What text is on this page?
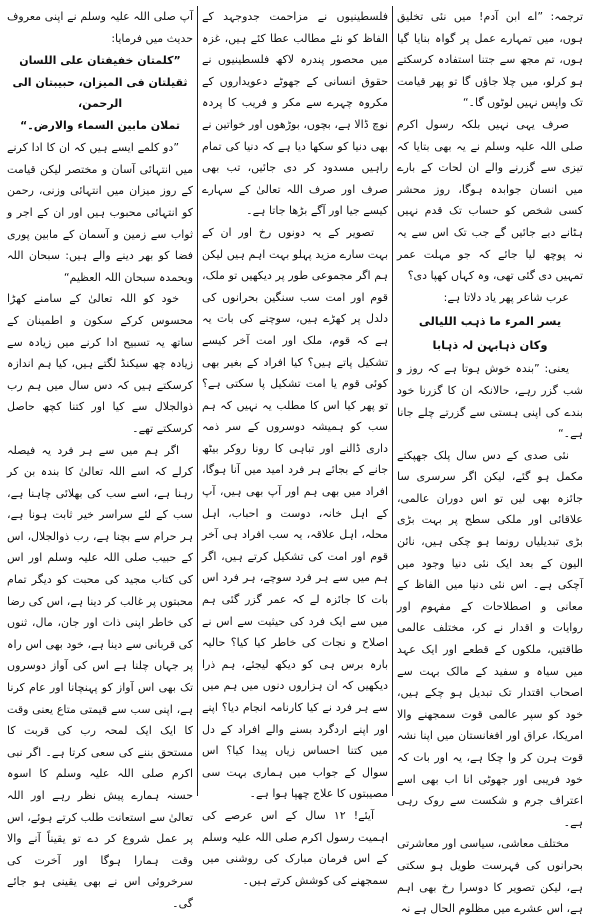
ترجمہ: ”اے ابن آدم! میں نئی تخلیق ہوں، میں تمہارے عمل پر گواہ بنایا گیا ہوں، تم مجھ سے جتنا استفادہ کرسکتے ہو کرلو، میں چلا جاؤں گا تو پھر قیامت تک واپس نہیں لوٹوں گا۔“

صرف یہی نہیں بلکہ رسول اکرم صلی اللہ علیہ وسلم نے یہ بھی بتایا کہ تیزی سے گزرنے والے ان لحات کے بارے میں انسان جوابدہ ہوگا، روز محشر کسی شخص کو حساب تک قدم نہیں ہٹانے دیے جائیں گے جب تک اس سے یہ نہ پوچھ لیا جائے کہ جو مہلت عمر تمہیں دی گئی تھی، وہ کہاں کھپا دی؟

عرب شاعر پھر یاد دلاتا ہے:

یسر المرء ما ذہب اللیالی
وکان ذہابہن لہ ذہابا

یعنی: ”بندہ خوش ہوتا ہے کہ روز و شب گزر رہے، حالانکہ ان کا گزرنا خود بندے کی اپنی ہستی سے گزرتے چلے جانا ہے۔“

نئی صدی کے دس سال پلک جھپکتے مکمل ہو گئے، لیکن اگر سرسری سا جائزہ بھی لیں تو اس دوران عالمی، علاقائی اور ملکی سطح پر بہت بڑی بڑی تبدیلیاں رونما ہو چکی ہیں، نائن الیون کے بعد ایک نئی دنیا وجود میں آچکی ہے۔ اس نئی دنیا میں الفاظ کے معانی و اصطلاحات کے مفہوم اور روایات و اقدار نے کر، مختلف عالمی طاقتیں، ملکوں کے قطعے اور ایک عہد میں سیاہ و سفید کے مالک بہت سے اصحاب اقتدار تک تبدیل ہو چکے ہیں، خود کو سپر عالمی قوت سمجھنے والا امریکا، عراق اور افغانستان میں اپنا نشہ قوت ہرن کر وا چکا ہے، یہ اور بات کہ خود فریبی اور جھوٹی انا اب بھی اسے اعتراف جرم و شکست سے روک رہی ہے۔

مختلف معاشی، سیاسی اور معاشرتی بحرانوں کی فہرست طویل ہو سکتی ہے، لیکن تصویر کا دوسرا رخ بھی اہم ہے، اس عشرے میں مظلوم الحال ہے نہ

فلسطینیوں نے مزاحمت جدوجہد کے الفاظ کو نئے مطالب عطا کئے ہیں، غزہ میں محصور پندرہ لاکھ فلسطینیوں نے حقوق انسانی کے جھوٹے دعویداروں کے مکروہ چہرے سے مکر و فریب کا پردہ نوچ ڈالا ہے، بچوں، بوڑھوں اور خواتین نے بھی دنیا کو سکھا دیا ہے کہ دنیا کی تمام راہیں مسدود کر دی جائیں، تب بھی صرف اور صرف اللہ تعالیٰ کے سہارے کیسے جیا اور آگے بڑھا جاتا ہے۔

تصویر کے یہ دونوں رخ اور ان کے بہت سارے مزید پہلو بہت اہم ہیں لیکن ہم اگر مجموعی طور پر دیکھیں تو ملک، قوم اور امت سب سنگین بحرانوں کی دلدل پر کھڑے ہیں، سوچنے کی بات یہ ہے کہ قوم، ملک اور امت آخر کیسے تشکیل پاتے ہیں؟ کیا افراد کے بغیر بھی کوئی قوم یا امت تشکیل پا سکتی ہے؟ تو پھر کیا اس کا مطلب یہ نہیں کہ ہم سب کو ہمیشہ دوسروں کے سر ذمہ داری ڈالنے اور تباہی کا رونا روکر بیٹھ جانے کے بجائے ہر فرد امید میں آنا ہوگا، افراد میں بھی ہم اور آپ بھی ہیں، آپ کے اہل خانہ، دوست و احباب، اہل محلہ، اہل علاقہ، یہ سب افراد ہی آخر قوم اور امت کی تشکیل کرتے ہیں، اگر ہم میں سے ہر فرد سوچے، ہر فرد اس بات کا جائزہ لے کہ عمر گزر گئی ہم میں سے ایک فرد کی حیثیت سے اس نے اصلاح و نجات کی خاطر کیا کیا؟ حالیہ بارہ برس ہی کو دیکھ لیجئے، ہم ذرا دیکھیں کہ ان ہزاروں دنوں میں ہم میں سے ہر فرد نے کیا کارنامہ انجام دیا؟ اپنے اور اپنے اردگرد بسنے والے افراد کے دل میں کتنا احساس زیاں پیدا کیا؟ اس سوال کے جواب میں ہماری بہت سی مصیبتوں کا علاج چھپا ہوا ہے۔

آیئے! ۱۲ سال کے اس عرصے کی اہمیت رسول اکرم صلی اللہ علیہ وسلم کے اس فرمان مبارک کی روشنی میں سمجھنے کی کوشش کرتے ہیں۔

آپ صلی اللہ علیہ وسلم نے اپنی معروف حدیث میں فرمایا:

”کلمتان خفیفتان علی اللسان
ثقیلتان فی المیزان، حبیبتان الی الرحمن،
تملان مابین السماء والارض۔“

”دو کلمے ایسے ہیں کہ ان کا ادا کرنے میں انتہائی آسان و مختصر لیکن قیامت کے روز میزان میں انتہائی وزنی، رحمن کو انتہائی محبوب ہیں اور ان کے اجر و ثواب سے زمین و آسمان کے مابین پوری فضا کو بھر دینے والے ہیں: سبحان اللہ وبحمدہ سبحان اللہ العظیم“

خود کو اللہ تعالیٰ کے سامنے کھڑا محسوس کرکے سکون و اطمینان کے ساتھ یہ تسبیح ادا کرنے میں زیادہ سے زیادہ چھ سیکنڈ لگتے ہیں، کیا ہم اندازہ کرسکتے ہیں کہ دس سال میں ہم رب ذوالجلال سے کیا اور کتنا کچھ حاصل کرسکتے تھے۔

اگر ہم میں سے ہر فرد یہ فیصلہ کرلے کہ اسے اللہ تعالیٰ کا بندہ بن کر رہنا ہے، اسے سب کی بھلائی چاہنا ہے، سب کے لئے سراسر خیر ثابت ہونا ہے، ہر حرام سے بچنا ہے، رب ذوالجلال، اس کے حبیب صلی اللہ علیہ وسلم اور اس کی کتاب مجید کی محبت کو دیگر تمام محبتوں پر غالب کر دینا ہے، اس کی رضا کی خاطر اپنی ذات اور جان، مال، ثنوں کی قربانی سے دینا ہے، خود بھی اس راہ پر جہاں چلنا ہے اس کی آواز دوسروں تک بھی اس آواز کو پہنچانا اور عام کرنا ہے، اپنی سب سے قیمتی متاع یعنی وقت کا ایک ایک لمحہ رب کی قربت کا مستحق بننے کی سعی کرتا ہے۔ اگر نبی اکرم صلی اللہ علیہ وسلم کا اسوہ حسنہ ہمارے پیش نظر رہے اور اللہ تعالیٰ سے استعانت طلب کرتے ہوئے، اس پر عمل شروع کر دے تو یقیناً آنے والا وقت ہمارا ہوگا اور آخرت کی سرخروئی اس نے بھی یقینی ہو جائے گی۔
